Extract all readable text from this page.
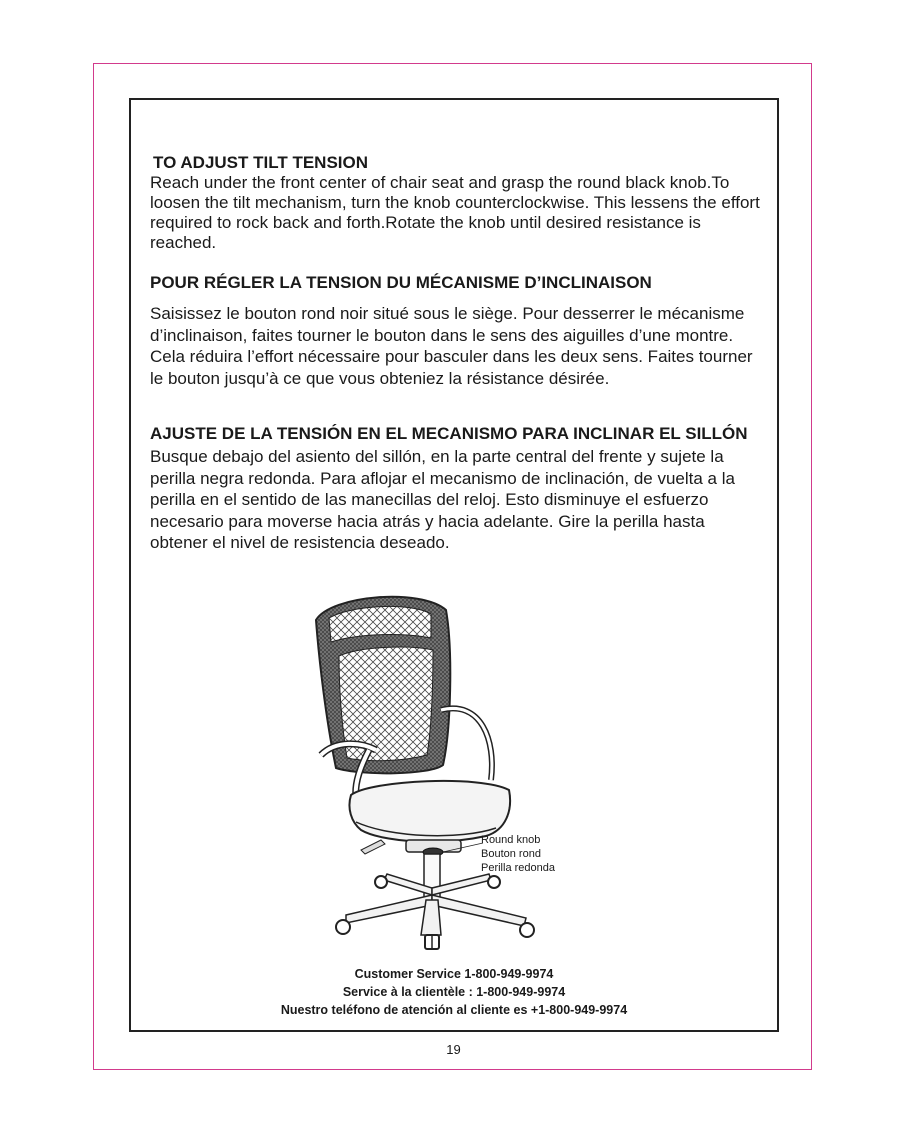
TO ADJUST TILT TENSION

Reach under the front center of chair seat and grasp the round black knob.To loosen the tilt mechanism, turn the knob counterclockwise. This lessens the effort required to rock back and forth.Rotate the knob until desired resistance is reached.

POUR RÉGLER LA TENSION DU MÉCANISME D’INCLINAISON

Saisissez le bouton rond noir situé sous le siège. Pour desserrer le mécanisme d’inclinaison, faites tourner le bouton dans le sens des aiguilles d’une montre. Cela réduira l’effort nécessaire pour basculer dans les deux sens. Faites tourner le bouton jusqu’à ce que vous obteniez la résistance désirée.

AJUSTE DE LA TENSIÓN EN EL MECANISMO PARA INCLINAR EL SILLÓN

Busque debajo del asiento del sillón, en la parte central del frente y sujete la perilla negra redonda. Para aflojar el mecanismo de inclinación, de vuelta a la perilla en el sentido de las manecillas del reloj. Esto disminuye el esfuerzo necesario para moverse hacia atrás y hacia adelante. Gire la perilla hasta obtener el nivel de resistencia deseado.

Round knob
Bouton rond
Perilla redonda
Customer Service 1-800-949-9974
Service à la clientèle : 1-800-949-9974
Nuestro teléfono de atención al cliente es +1-800-949-9974
19
